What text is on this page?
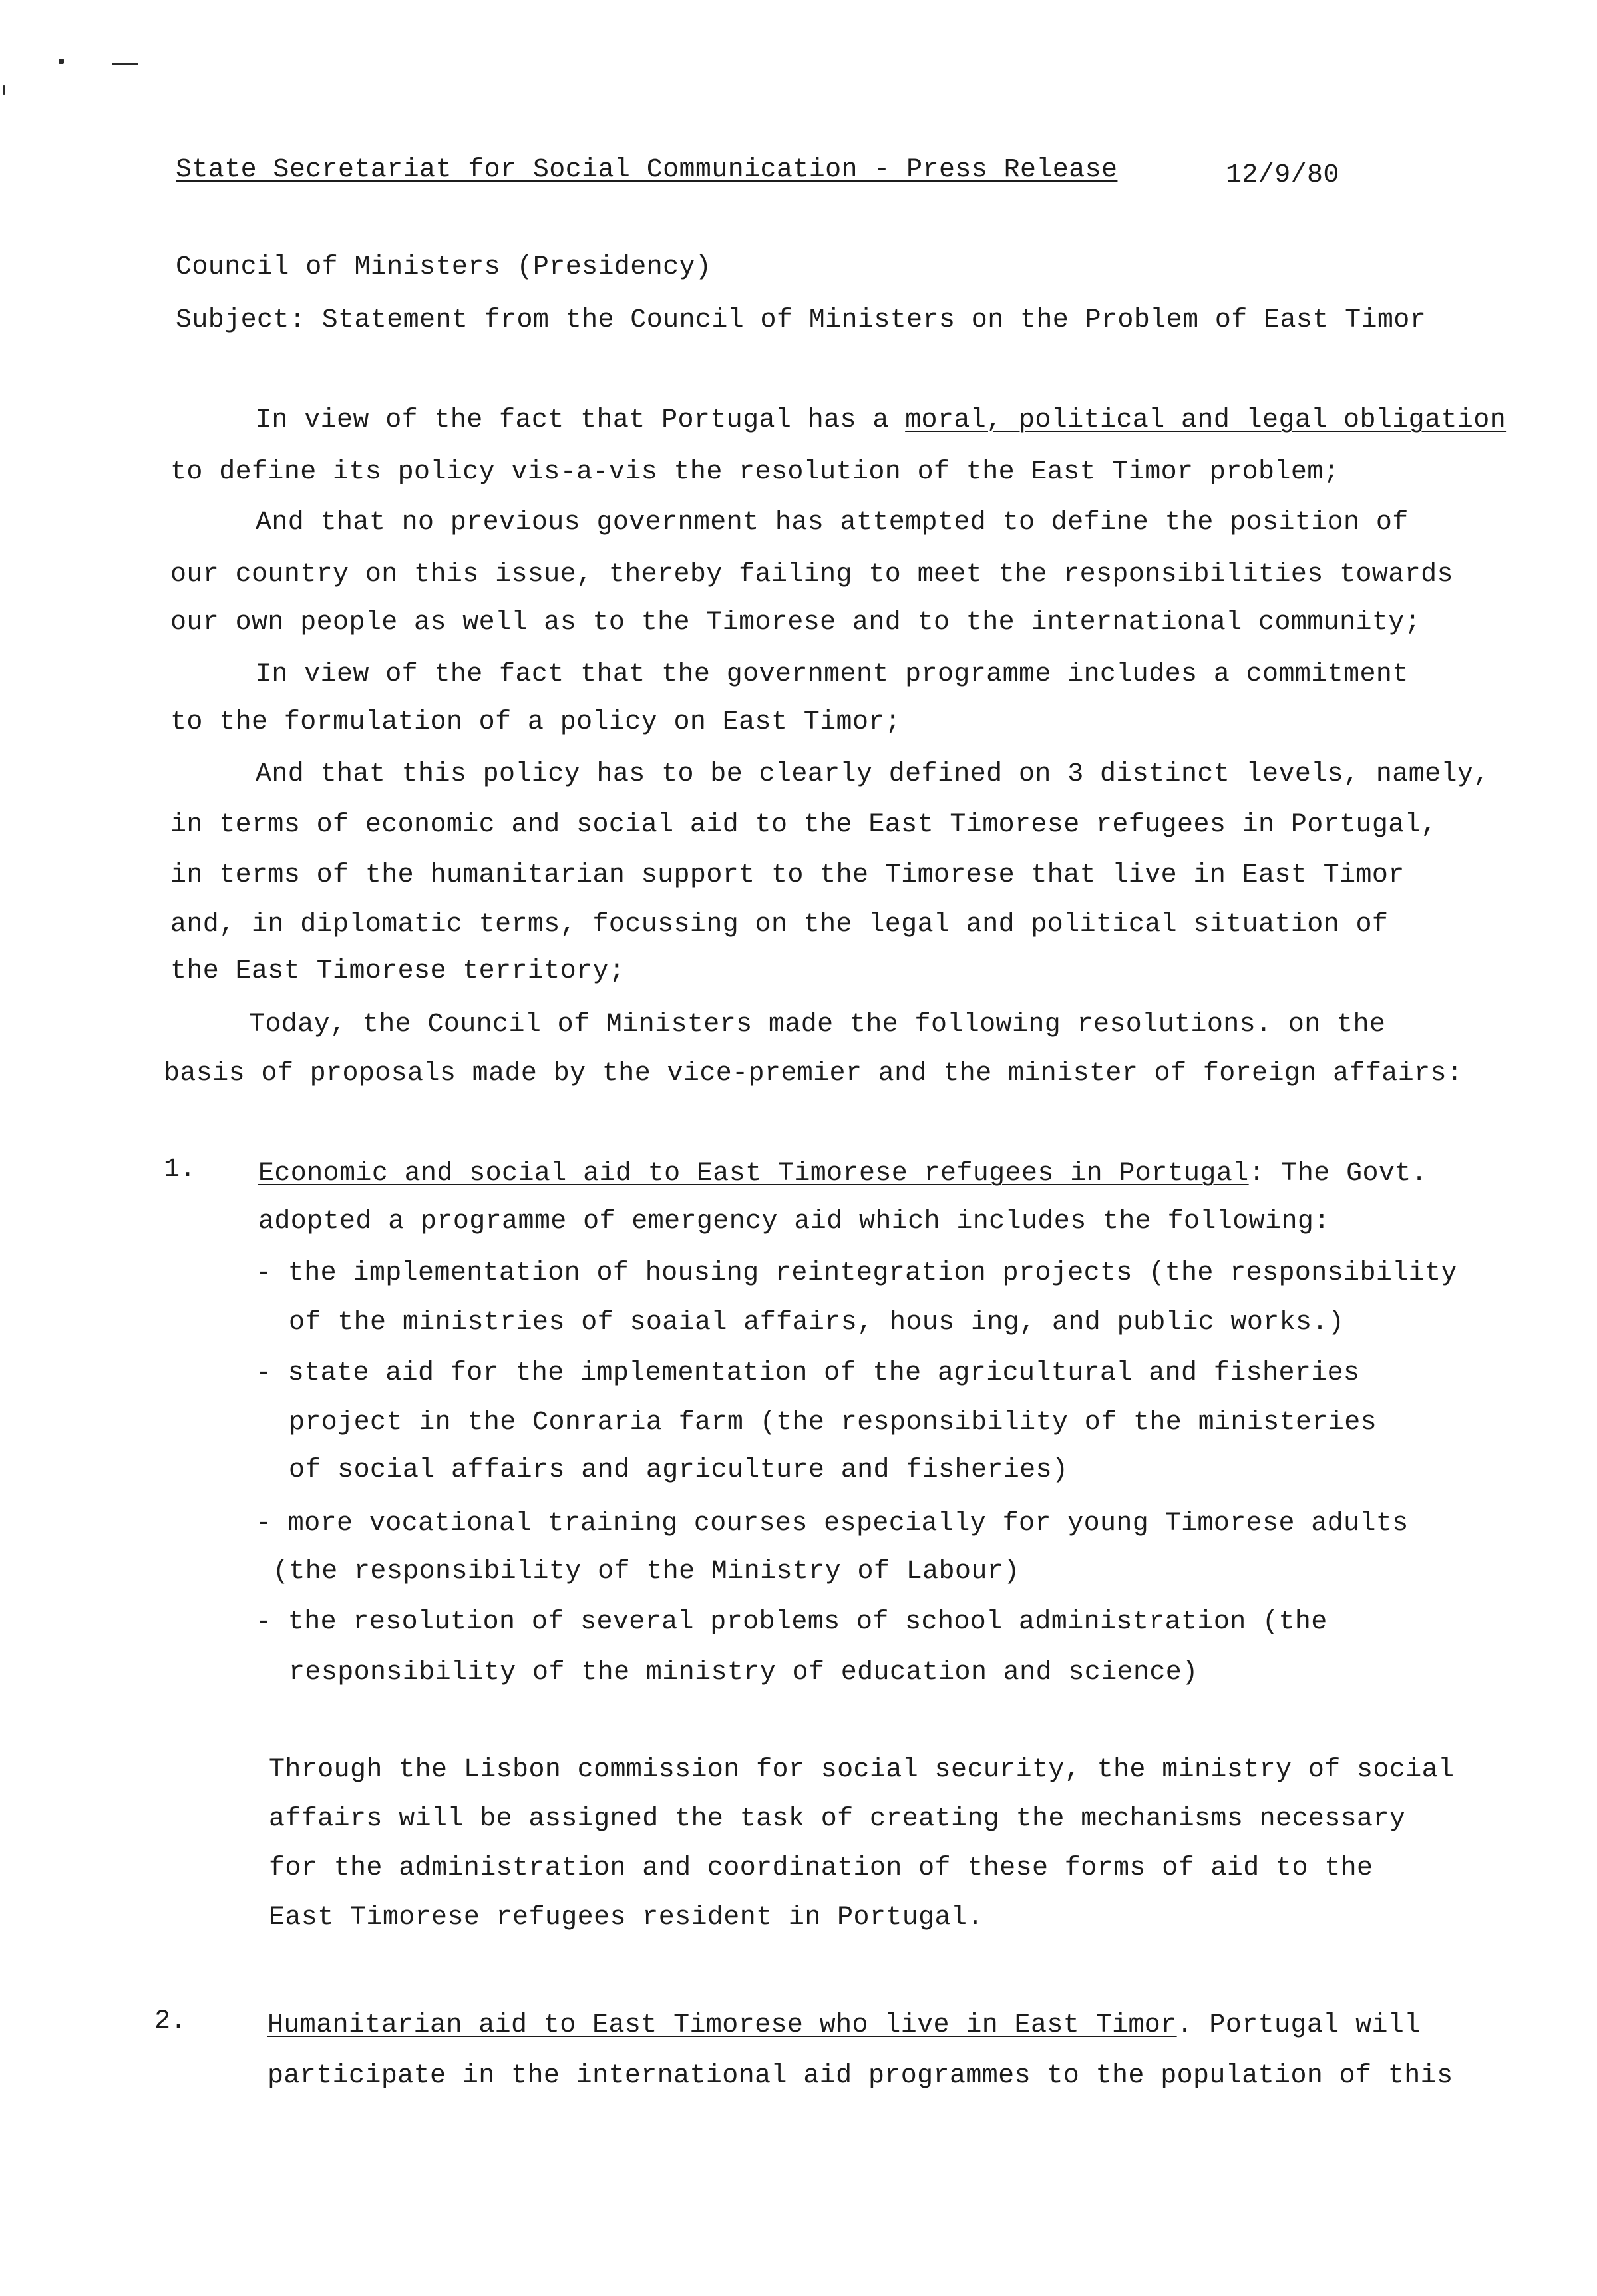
State Secretariat for Social Communication - Press Release	12/9/80
Council of Ministers (Presidency)
Subject: Statement from the Council of Ministers on the Problem of East Timor
In view of the fact that Portugal has a moral, political and legal obligation
to define its policy vis-a-vis the resolution of the East Timor problem;
And that no previous government has attempted to define the position of
our country on this issue, thereby failing to meet the responsibilities towards
our own people as well as to the Timorese and to the international community;
In view of the fact that the government programme includes a commitment
to the formulation of a policy on East Timor;
And that this policy has to be clearly defined on 3 distinct levels, namely,
in terms of economic and social aid to the East Timorese refugees in Portugal,
in terms of the humanitarian support to the Timorese that live in East Timor
and, in diplomatic terms, focussing on the legal and political situation of
the East Timorese territory;
Today, the Council of Ministers made the following resolutions. on the
basis of proposals made by the vice-premier and the minister of foreign affairs:
1. Economic and social aid to East Timorese refugees in Portugal: The Govt.
adopted a programme of emergency aid which includes the following:
- the implementation of housing reintegration projects (the responsibility
of the ministries of soaial affairs, hous ing, and public works.)
- state aid for the implementation of the agricultural and fisheries
project in the Conraria farm (the responsibility of the ministeries
of social affairs and agriculture and fisheries)
- more vocational training courses especially for young Timorese adults
(the responsibility of the Ministry of Labour)
- the resolution of several problems of school administration (the
responsibility of the ministry of education and science)
Through the Lisbon commission for social security, the ministry of social
affairs will be assigned the task of creating the mechanisms necessary
for the administration and coordination of these forms of aid to the
East Timorese refugees resident in Portugal.
2.	Humanitarian aid to East Timorese who live in East Timor. Portugal will
participate in the international aid programmes to the population of this
